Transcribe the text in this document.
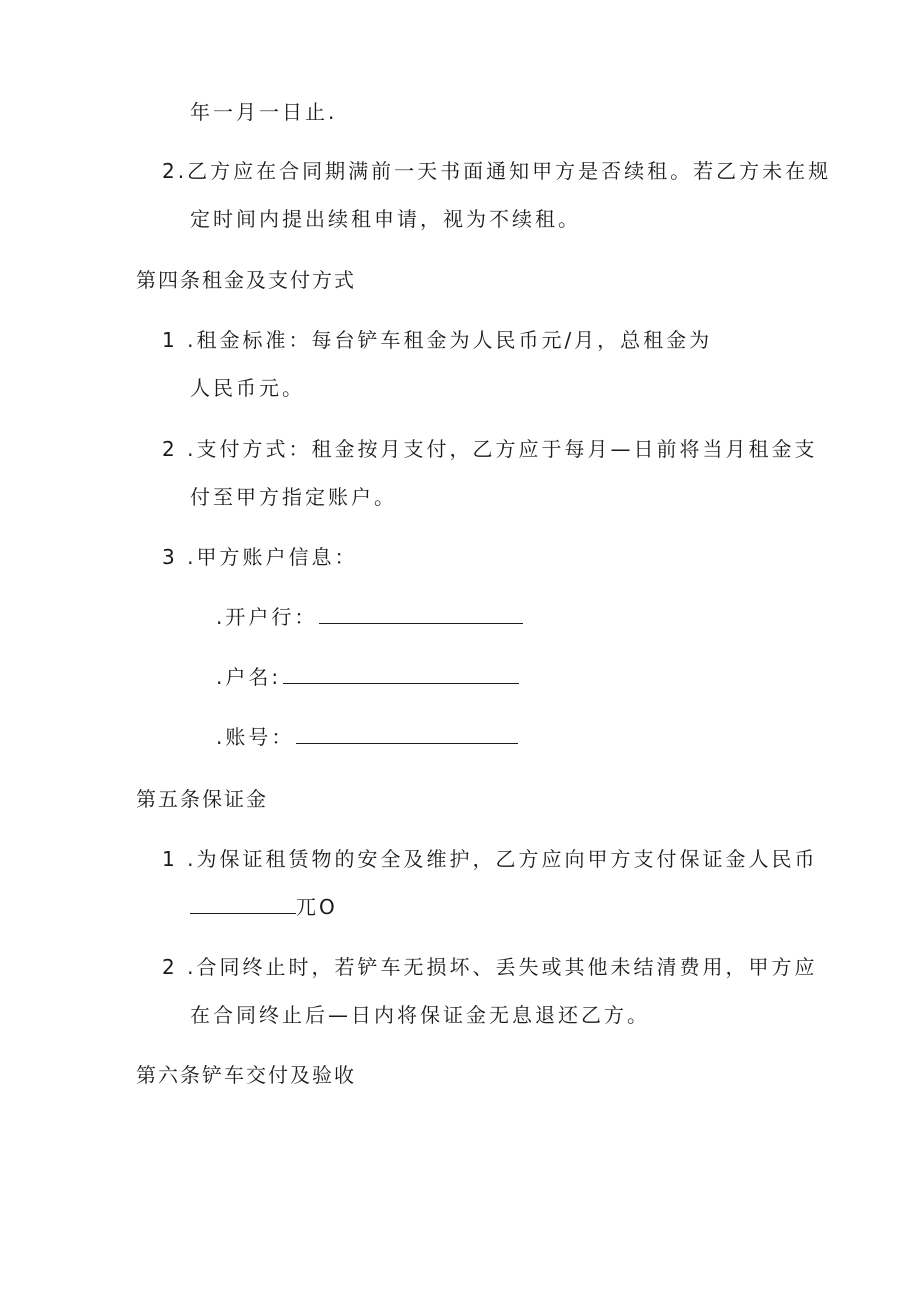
年一月一日止.
2.乙方应在合同期满前一天书面通知甲方是否续租。若乙方未在规
定时间内提出续租申请，视为不续租。
第四条租金及支付方式
1 .租金标准：每台铲车租金为人民币元/月，总租金为
人民币元。
2 .支付方式：租金按月支付，乙方应于每月—日前将当月租金支
付至甲方指定账户。
3 .甲方账户信息：
.开户行：
.户名:
.账号：
第五条保证金
1 .为保证租赁物的安全及维护，乙方应向甲方支付保证金人民币
兀O
2 .合同终止时，若铲车无损坏、丢失或其他未结清费用，甲方应
在合同终止后—日内将保证金无息退还乙方。
第六条铲车交付及验收
